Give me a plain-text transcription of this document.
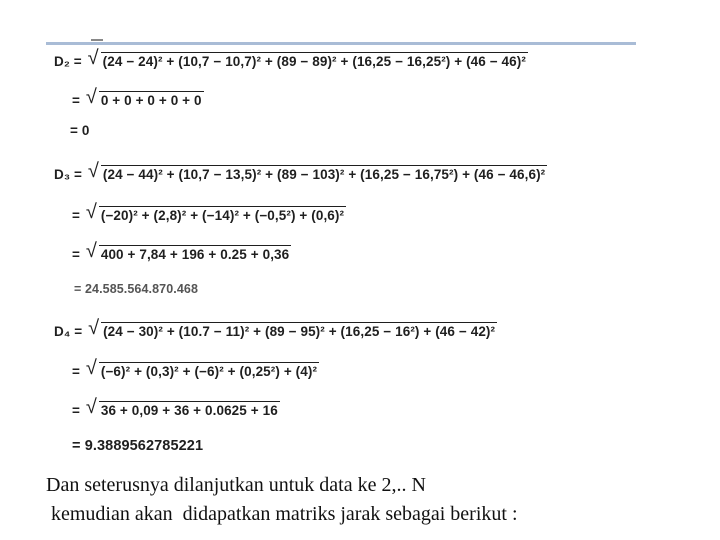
D₂ = √ (24 − 24)² + (10,7 − 10,7)² + (89 − 89)² + (16,25 − 16,25²) + (46 − 46)²
= √ 0 + 0 + 0 + 0 + 0
= 0
D₃ = √ (24 − 44)² + (10,7 − 13,5)² + (89 − 103)² + (16,25 − 16,75²) + (46 − 46,6)²
= √ (−20)² + (2,8)² + (−14)² + (−0,5²) + (0,6)²
= √ 400 + 7,84 + 196 + 0.25 + 0,36
= 24.585.564.870.468
D₄ = √ (24 − 30)² + (10.7 − 11)² + (89 − 95)² + (16,25 − 16²) + (46 − 42)²
= √ (−6)² + (0,3)² + (−6)² + (0,25²) + (4)²
= √ 36 + 0,09 + 36 + 0.0625 + 16
= 9.3889562785221
Dan seterusnya dilanjutkan untuk data ke 2,.. N
kemudian akan  didapatkan matriks jarak sebagai berikut :
